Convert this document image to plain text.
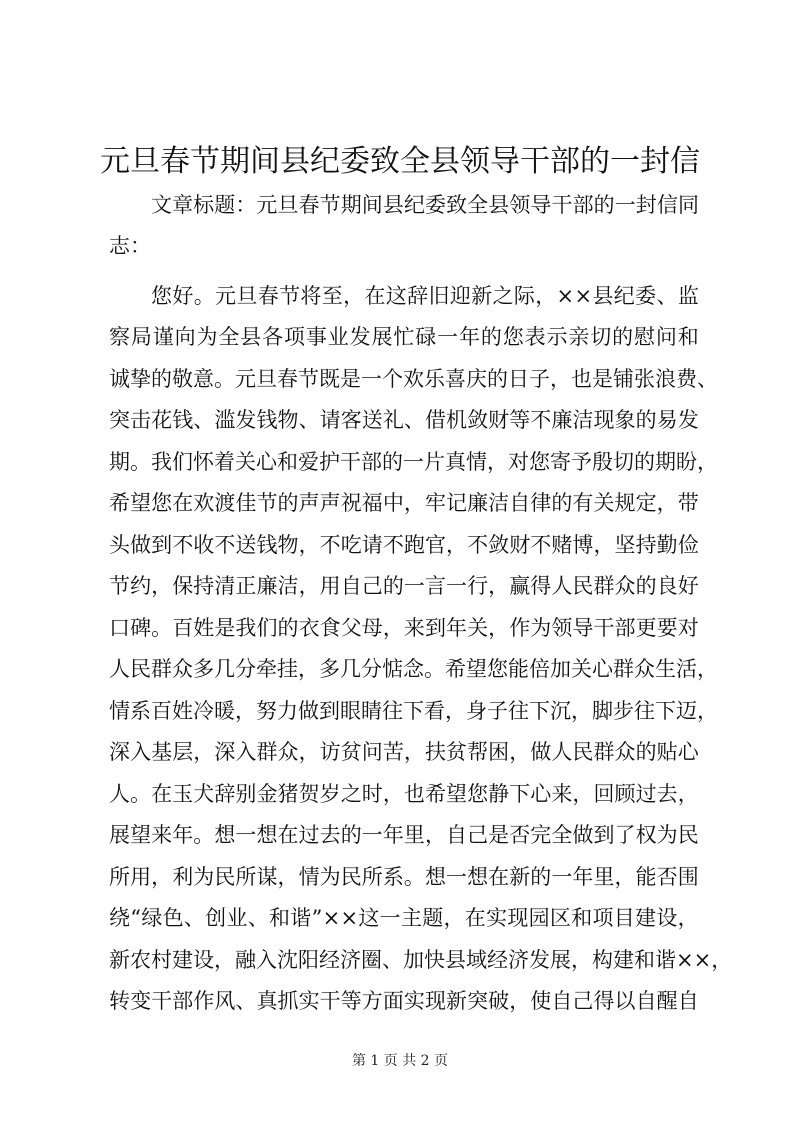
元旦春节期间县纪委致全县领导干部的一封信
文 章 标 题 ： 元 旦 春 节 期 间 县 纪 委 致 全 县 领 导 干 部 的 一 封 信 同
志 ：
您 好 。 元 旦 春 节 将 至 ， 在 这 辞 旧 迎 新 之 际 ， × × 县 纪 委 、 监
察 局 谨 向 为 全 县 各 项 事 业 发 展 忙 碌 一 年 的 您 表 示 亲 切 的 慰 问 和
诚 挚 的 敬 意 。 元 旦 春 节 既 是 一 个 欢 乐 喜 庆 的 日 子 ， 也 是 铺 张 浪 费 、
突 击 花 钱 、 滥 发 钱 物 、 请 客 送 礼 、 借 机 敛 财 等 不 廉 洁 现 象 的 易 发
期 。 我 们 怀 着 关 心 和 爱 护 干 部 的 一 片 真 情 ， 对 您 寄 予 殷 切 的 期 盼 ，
希 望 您 在 欢 渡 佳 节 的 声 声 祝 福 中 ， 牢 记 廉 洁 自 律 的 有 关 规 定 ， 带
头 做 到 不 收 不 送 钱 物 ， 不 吃 请 不 跑 官 ， 不 敛 财 不 赌 博 ， 坚 持 勤 俭
节 约 ， 保 持 清 正 廉 洁 ， 用 自 己 的 一 言 一 行 ， 赢 得 人 民 群 众 的 良 好
口 碑 。 百 姓 是 我 们 的 衣 食 父 母 ， 来 到 年 关 ， 作 为 领 导 干 部 更 要 对
人 民 群 众 多 几 分 牵 挂 ， 多 几 分 惦 念 。 希 望 您 能 倍 加 关 心 群 众 生 活 ，
情 系 百 姓 冷 暖 ， 努 力 做 到 眼 睛 往 下 看 ， 身 子 往 下 沉 ， 脚 步 往 下 迈 ，
深 入 基 层 ， 深 入 群 众 ， 访 贫 问 苦 ， 扶 贫 帮 困 ， 做 人 民 群 众 的 贴 心
人 。 在 玉 犬 辞 别 金 猪 贺 岁 之 时 ， 也 希 望 您 静 下 心 来 ， 回 顾 过 去 ，
展 望 来 年 。 想 一 想 在 过 去 的 一 年 里 ， 自 己 是 否 完 全 做 到 了 权 为 民
所 用 ， 利 为 民 所 谋 ， 情 为 民 所 系 。 想 一 想 在 新 的 一 年 里 ， 能 否 围
绕 “ 绿 色 、 创 业 、 和 谐 ” × × 这 一 主 题 ， 在 实 现 园 区 和 项 目 建 设 ，
新 农 村 建 设 ， 融 入 沈 阳 经 济 圈 、 加 快 县 域 经 济 发 展 ， 构 建 和 谐 × × ，
转 变 干 部 作 风 、 真 抓 实 干 等 方 面 实 现 新 突 破 ， 使 自 己 得 以 自 醒 自
第 1 页 共 2 页
